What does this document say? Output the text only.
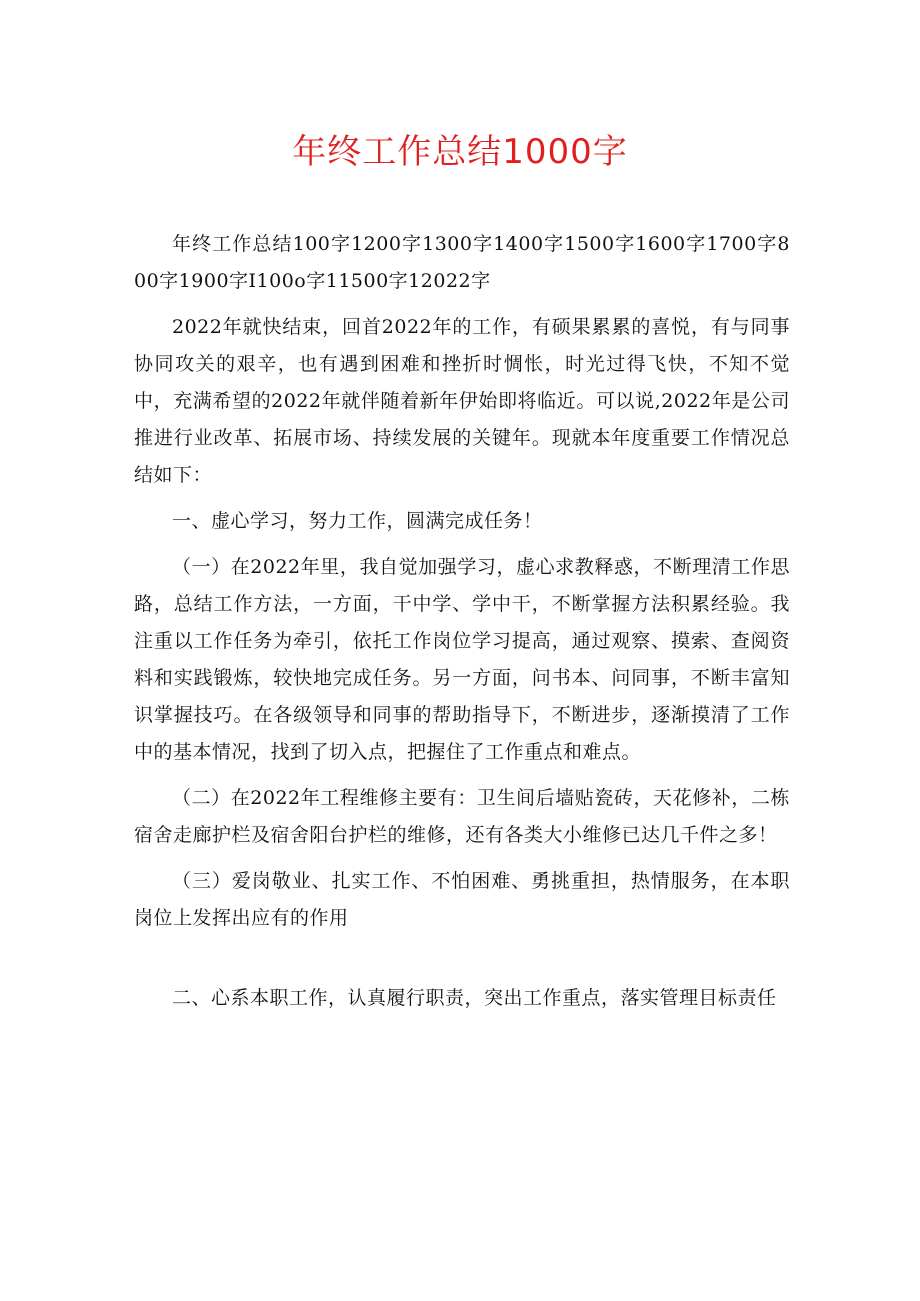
年终工作总结1000字

年终工作总结100字1200字1300字1400字1500字1600字1700字800字1900字I100o字11500字12022字

2022年就快结束，回首2022年的工作，有硕果累累的喜悦，有与同事协同攻关的艰辛，也有遇到困难和挫折时惆怅，时光过得飞快，不知不觉中，充满希望的2022年就伴随着新年伊始即将临近。可以说,2022年是公司推进行业改革、拓展市场、持续发展的关键年。现就本年度重要工作情况总结如下：

一、虚心学习，努力工作，圆满完成任务！

（一）在2022年里，我自觉加强学习，虚心求教释惑，不断理清工作思路，总结工作方法，一方面，干中学、学中干，不断掌握方法积累经验。我注重以工作任务为牵引，依托工作岗位学习提高，通过观察、摸索、查阅资料和实践锻炼，较快地完成任务。另一方面，问书本、问同事，不断丰富知识掌握技巧。在各级领导和同事的帮助指导下，不断进步，逐渐摸清了工作中的基本情况，找到了切入点，把握住了工作重点和难点。

（二）在2022年工程维修主要有：卫生间后墙贴瓷砖，天花修补，二栋宿舍走廊护栏及宿舍阳台护栏的维修，还有各类大小维修已达几千件之多！

（三）爱岗敬业、扎实工作、不怕困难、勇挑重担，热情服务，在本职岗位上发挥出应有的作用

二、心系本职工作，认真履行职责，突出工作重点，落实管理目标责任
